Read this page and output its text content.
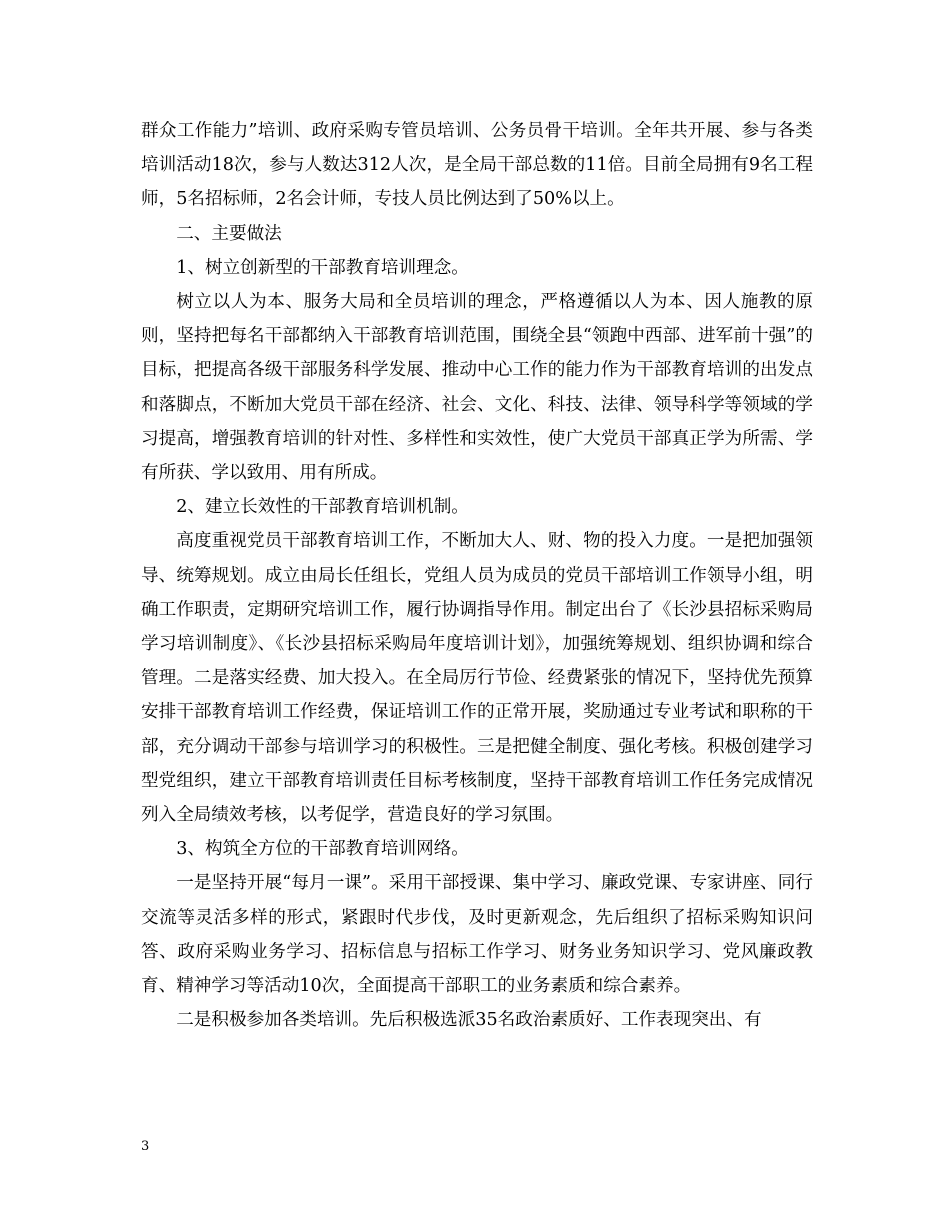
群众工作能力”培训、政府采购专管员培训、公务员骨干培训。全年共开展、参与各类培训活动18次，参与人数达312人次，是全局干部总数的11倍。目前全局拥有9名工程师，5名招标师，2名会计师，专技人员比例达到了50%以上。

二、主要做法

1、树立创新型的干部教育培训理念。

树立以人为本、服务大局和全员培训的理念，严格遵循以人为本、因人施教的原则，坚持把每名干部都纳入干部教育培训范围，围绕全县“领跑中西部、进军前十强”的目标，把提高各级干部服务科学发展、推动中心工作的能力作为干部教育培训的出发点和落脚点，不断加大党员干部在经济、社会、文化、科技、法律、领导科学等领域的学习提高，增强教育培训的针对性、多样性和实效性，使广大党员干部真正学为所需、学有所获、学以致用、用有所成。

2、建立长效性的干部教育培训机制。

高度重视党员干部教育培训工作，不断加大人、财、物的投入力度。一是把加强领导、统筹规划。成立由局长任组长，党组人员为成员的党员干部培训工作领导小组，明确工作职责，定期研究培训工作，履行协调指导作用。制定出台了《长沙县招标采购局学习培训制度》、《长沙县招标采购局年度培训计划》，加强统筹规划、组织协调和综合管理。二是落实经费、加大投入。在全局厉行节俭、经费紧张的情况下，坚持优先预算安排干部教育培训工作经费，保证培训工作的正常开展，奖励通过专业考试和职称的干部，充分调动干部参与培训学习的积极性。三是把健全制度、强化考核。积极创建学习型党组织，建立干部教育培训责任目标考核制度，坚持干部教育培训工作任务完成情况列入全局绩效考核，以考促学，营造良好的学习氛围。

3、构筑全方位的干部教育培训网络。

一是坚持开展“每月一课”。采用干部授课、集中学习、廉政党课、专家讲座、同行交流等灵活多样的形式，紧跟时代步伐，及时更新观念，先后组织了招标采购知识问答、政府采购业务学习、招标信息与招标工作学习、财务业务知识学习、党风廉政教育、精神学习等活动10次，全面提高干部职工的业务素质和综合素养。

二是积极参加各类培训。先后积极选派35名政治素质好、工作表现突出、有

3
